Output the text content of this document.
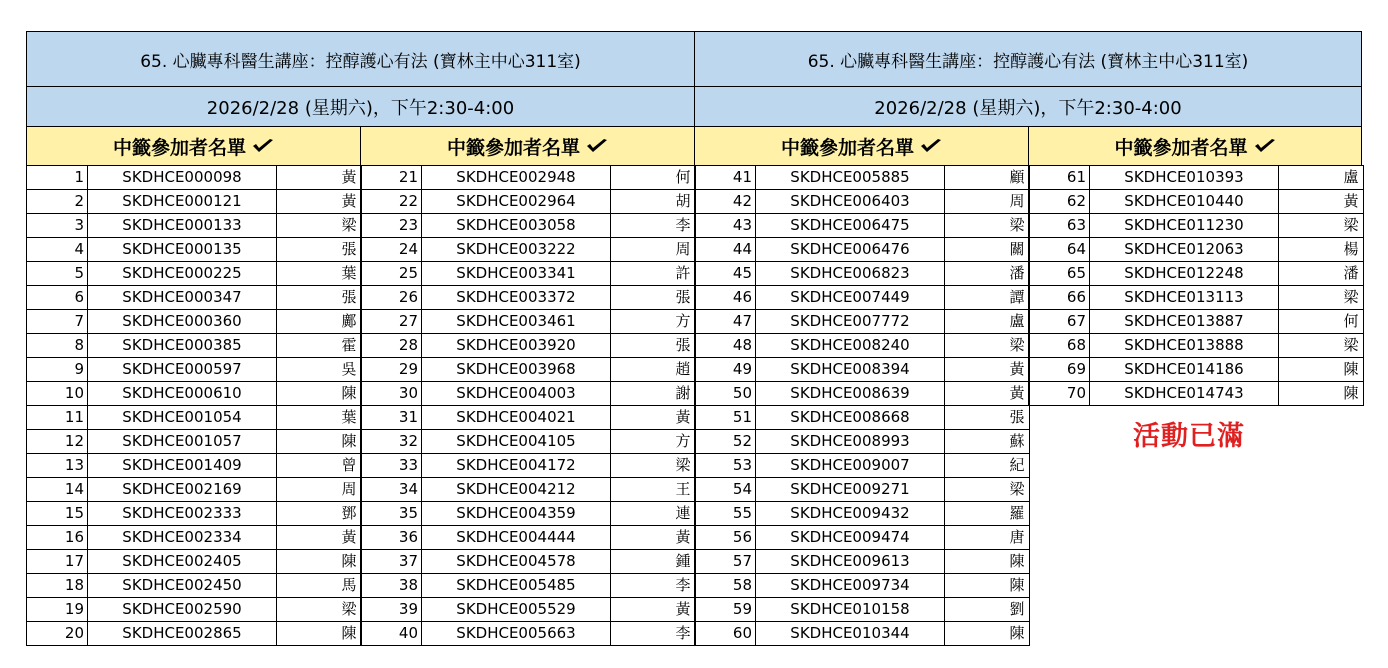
65. 心臟專科醫生講座：控醇護心有法 (寶林主中心311室)	65. 心臟專科醫生講座：控醇護心有法 (寶林主中心311室)
2026/2/28 (星期六)，下午2:30-4:00	2026/2/28 (星期六)，下午2:30-4:00
中籤參加者名單	中籤參加者名單	中籤參加者名單	中籤參加者名單
1	SKDHCE000098	黃
2	SKDHCE000121	黃
3	SKDHCE000133	梁
4	SKDHCE000135	張
5	SKDHCE000225	葉
6	SKDHCE000347	張
7	SKDHCE000360	鄺
8	SKDHCE000385	霍
9	SKDHCE000597	吳
10	SKDHCE000610	陳
11	SKDHCE001054	葉
12	SKDHCE001057	陳
13	SKDHCE001409	曾
14	SKDHCE002169	周
15	SKDHCE002333	鄧
16	SKDHCE002334	黃
17	SKDHCE002405	陳
18	SKDHCE002450	馬
19	SKDHCE002590	梁
20	SKDHCE002865	陳
21	SKDHCE002948	何
22	SKDHCE002964	胡
23	SKDHCE003058	李
24	SKDHCE003222	周
25	SKDHCE003341	許
26	SKDHCE003372	張
27	SKDHCE003461	方
28	SKDHCE003920	張
29	SKDHCE003968	趙
30	SKDHCE004003	謝
31	SKDHCE004021	黃
32	SKDHCE004105	方
33	SKDHCE004172	梁
34	SKDHCE004212	王
35	SKDHCE004359	連
36	SKDHCE004444	黃
37	SKDHCE004578	鍾
38	SKDHCE005485	李
39	SKDHCE005529	黃
40	SKDHCE005663	李
41	SKDHCE005885	顧
42	SKDHCE006403	周
43	SKDHCE006475	梁
44	SKDHCE006476	關
45	SKDHCE006823	潘
46	SKDHCE007449	譚
47	SKDHCE007772	盧
48	SKDHCE008240	梁
49	SKDHCE008394	黃
50	SKDHCE008639	黃
51	SKDHCE008668	張
52	SKDHCE008993	蘇
53	SKDHCE009007	紀
54	SKDHCE009271	梁
55	SKDHCE009432	羅
56	SKDHCE009474	唐
57	SKDHCE009613	陳
58	SKDHCE009734	陳
59	SKDHCE010158	劉
60	SKDHCE010344	陳
61	SKDHCE010393	盧
62	SKDHCE010440	黃
63	SKDHCE011230	梁
64	SKDHCE012063	楊
65	SKDHCE012248	潘
66	SKDHCE013113	梁
67	SKDHCE013887	何
68	SKDHCE013888	梁
69	SKDHCE014186	陳
70	SKDHCE014743	陳
活動已滿
